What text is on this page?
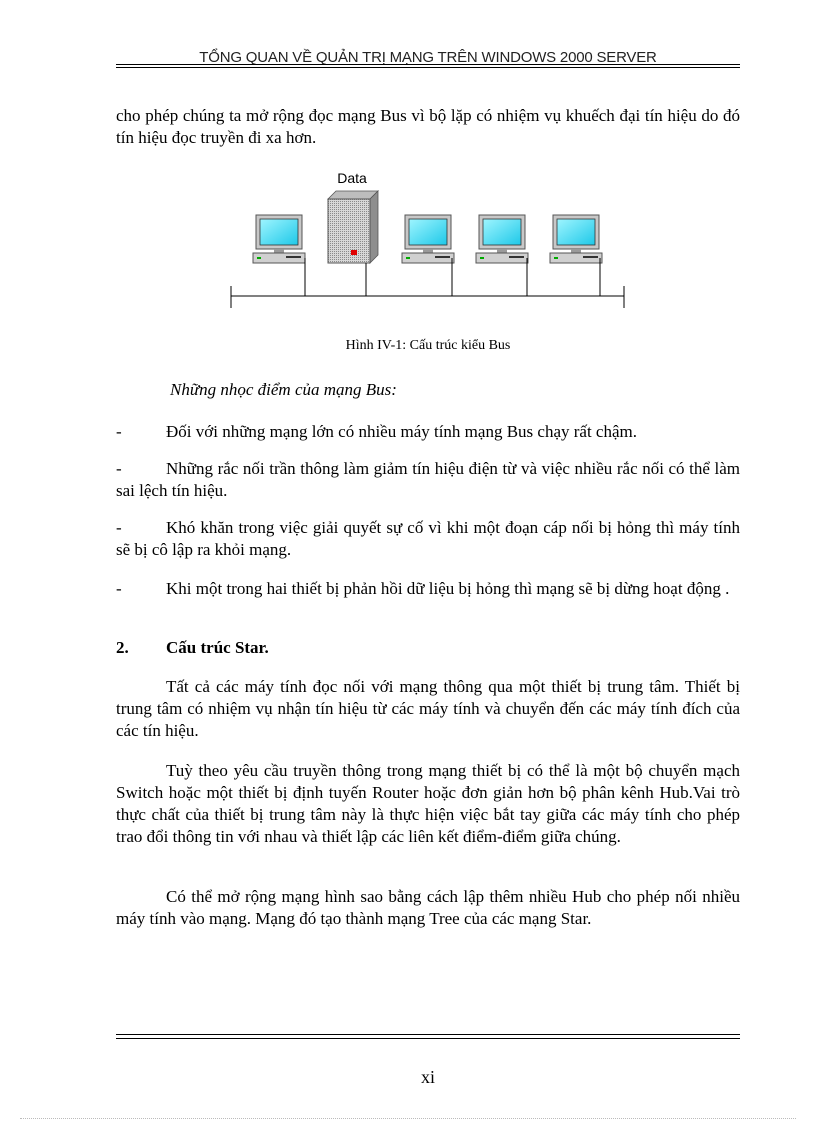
TỔNG QUAN VỀ QUẢN TRỊ MẠNG TRÊN WINDOWS 2000 SERVER
cho phép chúng ta mở rộng đọc mạng Bus vì bộ lặp có nhiệm vụ khuếch đại tín hiệu do đó tín hiệu đọc truyền đi xa hơn.
Data
Hình IV-1: Cấu trúc kiểu Bus
Những nhọc điểm của mạng Bus:
-	Đối với những mạng lớn có nhiều máy tính mạng Bus chạy rất chậm.
-	Những rắc nối trần thông làm giảm tín hiệu điện từ và việc nhiều rắc nối có thể làm sai lệch tín hiệu.
-	Khó khăn trong việc giải quyết sự cố vì khi một đoạn cáp nối bị hỏng thì máy tính sẽ bị cô lập ra khỏi mạng.
-	Khi một trong hai thiết bị phản hồi dữ liệu bị hỏng thì mạng sẽ bị dừng hoạt động .
2.	Cấu trúc Star.
Tất cả các máy tính đọc nối với mạng thông qua một thiết bị trung tâm. Thiết bị trung tâm có nhiệm vụ nhận tín hiệu từ các máy tính và chuyển đến các máy tính đích của các tín hiệu.
Tuỳ theo yêu cầu truyền thông trong mạng thiết bị có thể là một bộ chuyển mạch Switch hoặc một thiết bị định tuyến Router hoặc đơn giản hơn bộ phân kênh Hub.Vai trò thực chất của thiết bị trung tâm này là thực hiện việc bắt tay giữa các máy tính cho phép trao đổi thông tin với nhau và thiết lập các liên kết điểm-điểm giữa chúng.
Có thể mở rộng mạng hình sao bằng cách lập thêm nhiều Hub cho phép nối nhiều máy tính vào mạng. Mạng đó tạo thành mạng Tree của các mạng Star.
xi
